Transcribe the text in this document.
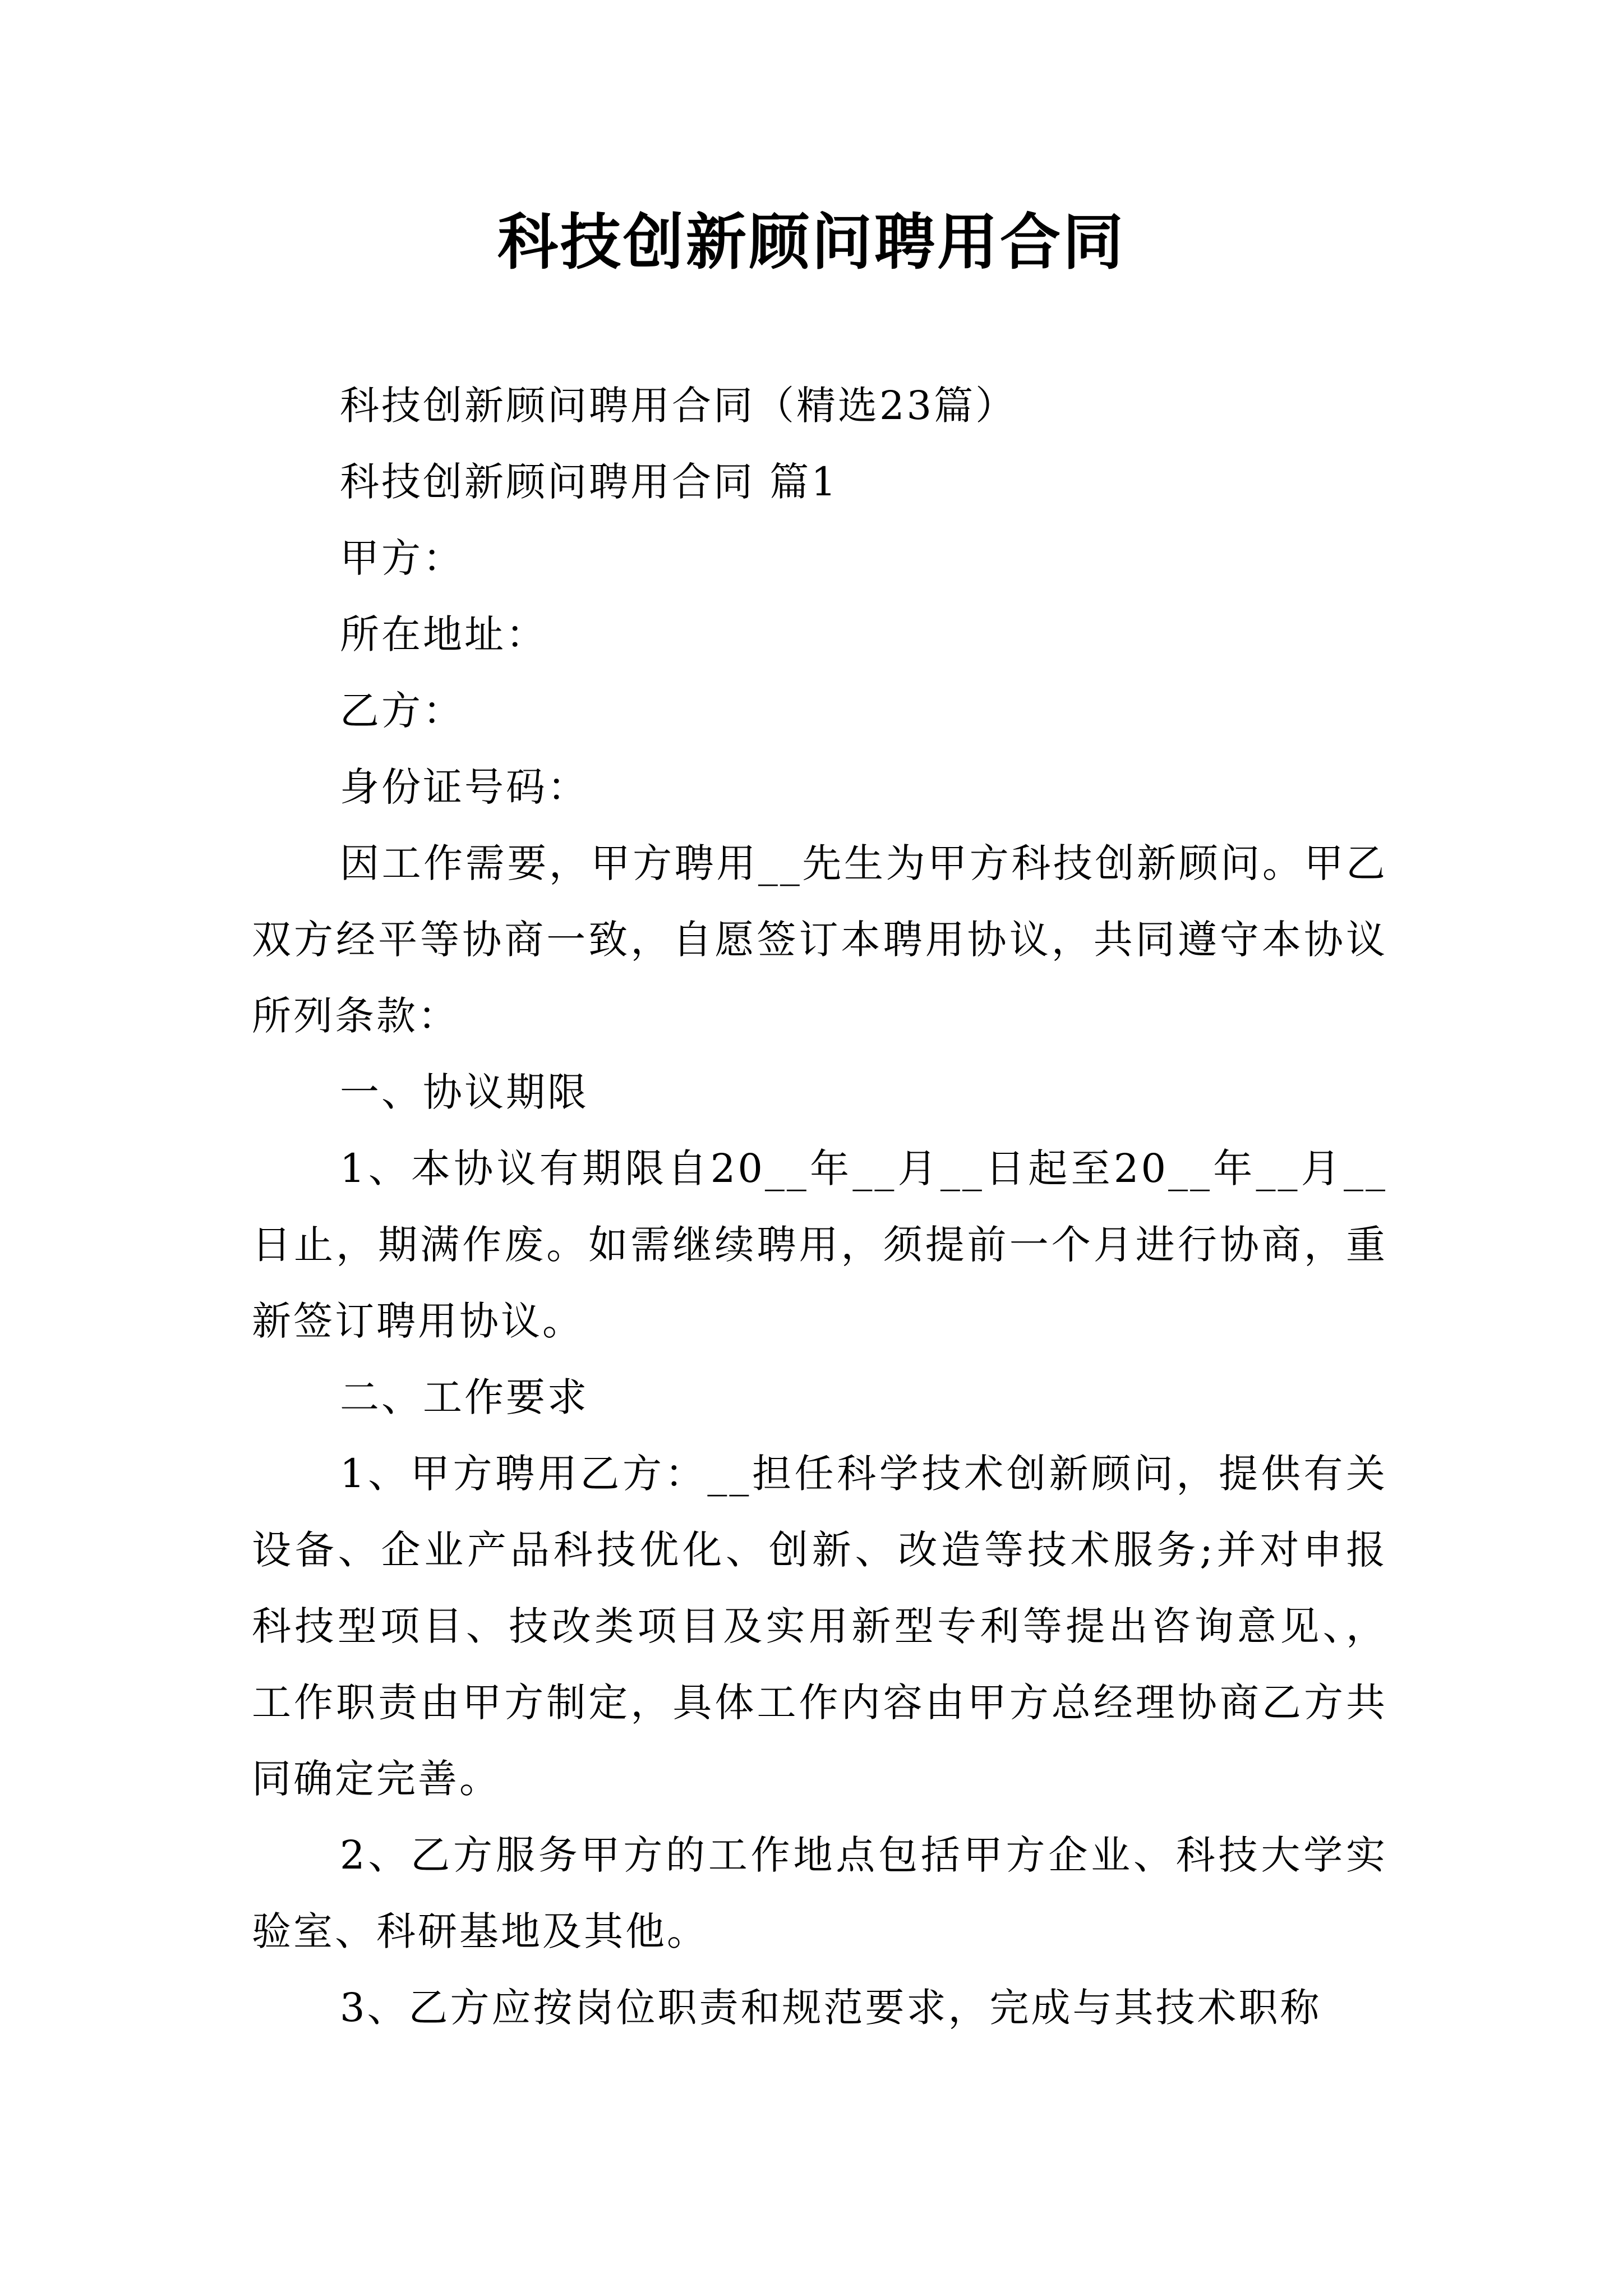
科技创新顾问聘用合同

科技创新顾问聘用合同（精选23篇）

科技创新顾问聘用合同 篇1

甲方：

所在地址：

乙方：

身份证号码：

因工作需要，甲方聘用__先生为甲方科技创新顾问。甲乙双方经平等协商一致，自愿签订本聘用协议，共同遵守本协议所列条款：

一、协议期限

1、本协议有期限自20__年__月__日起至20__年__月__日止，期满作废。如需继续聘用，须提前一个月进行协商，重新签订聘用协议。

二、工作要求

1、甲方聘用乙方：__担任科学技术创新顾问，提供有关设备、企业产品科技优化、创新、改造等技术服务;并对申报科技型项目、技改类项目及实用新型专利等提出咨询意见、，工作职责由甲方制定，具体工作内容由甲方总经理协商乙方共同确定完善。

2、乙方服务甲方的工作地点包括甲方企业、科技大学实验室、科研基地及其他。

3、乙方应按岗位职责和规范要求，完成与其技术职称
